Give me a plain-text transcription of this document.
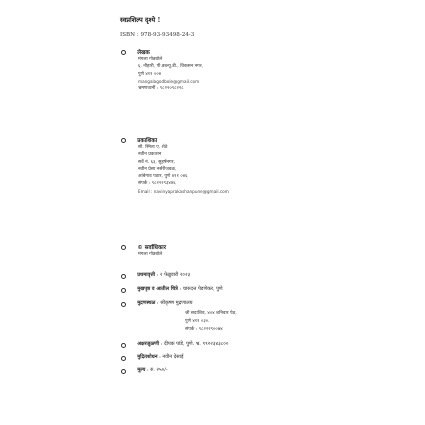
स्वप्नशिल्प दृश्ये !
ISBN : 978-93-93498-24-3
लेखक
मंगला गोडबोले
६, नीहारी, पी.डब्ल्यू.डी., विकसन नगर,
पुणे ४११ ००४
mangalagodbole@gmail.com
भ्रमणध्वनी : ९८२२०९८२२८
प्रकाशिका
सौ. स्मिता ए. शेठे
नवीन प्रकाशन
सर्वे नं. ६३, सुहर्षनगर,
नवीन प्रेसा नर्सरीजवळ,
आंबेगाव पठार, पुणे ४११ ०४६
संपर्क : ९८२२२९३४४६
Email : navinyaprakashanpune@gmail.com
© सर्वाधिकार
मंगला गोडबोले
प्रथमावृत्ती : २ फेब्रुवारी २०२३
मुखपृष्ठ व आतील चित्रे : चारुदत्त पेडणेकर, पुणे
मुद्रणस्थळ : श्रीकृष्ण मुद्रणालय
श्री सदाशिव, ४०४ शनिवार पेठ,
पुणे ४११ ०३०.
संपर्क : ९८२२२९००७४
अक्षरजुळणी : दीपक पांडे, पुणे. भ्र. ९९२२३४३८००
मुद्रितशोधन : नवीन देसाई
मूल्य : रु. २५०/-
